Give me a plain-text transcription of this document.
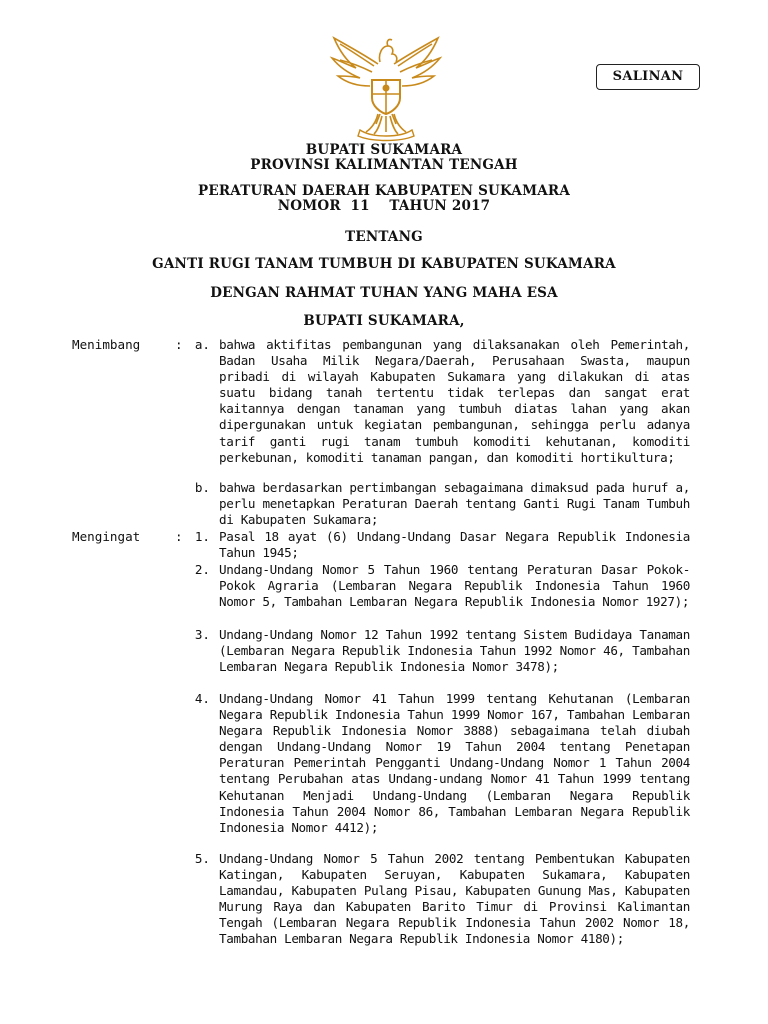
SALINAN
BUPATI SUKAMARA
PROVINSI KALIMANTAN TENGAH
PERATURAN DAERAH KABUPATEN SUKAMARA
NOMOR  11    TAHUN 2017
TENTANG
GANTI RUGI TANAM TUMBUH DI KABUPATEN SUKAMARA
DENGAN RAHMAT TUHAN YANG MAHA ESA
BUPATI SUKAMARA,
Menimbang	: a. bahwa aktifitas pembangunan yang dilaksanakan oleh Pemerintah, Badan Usaha Milik Negara/Daerah, Perusahaan Swasta, maupun pribadi di wilayah Kabupaten Sukamara yang dilakukan di atas suatu bidang tanah tertentu tidak terlepas dan sangat erat kaitannya dengan tanaman yang tumbuh diatas lahan yang akan dipergunakan untuk kegiatan pembangunan, sehingga perlu adanya tarif ganti rugi tanam tumbuh komoditi kehutanan, komoditi perkebunan, komoditi tanaman pangan, dan komoditi hortikultura;
b. bahwa berdasarkan pertimbangan sebagaimana dimaksud pada huruf a, perlu menetapkan Peraturan Daerah tentang Ganti Rugi Tanam Tumbuh di Kabupaten Sukamara;
Mengingat	: 1. Pasal 18 ayat (6) Undang-Undang Dasar Negara Republik Indonesia Tahun 1945;
2. Undang-Undang Nomor 5 Tahun 1960 tentang Peraturan Dasar Pokok-Pokok Agraria (Lembaran Negara Republik Indonesia Tahun 1960 Nomor 5, Tambahan Lembaran Negara Republik Indonesia Nomor 1927);
3. Undang-Undang Nomor 12 Tahun 1992 tentang Sistem Budidaya Tanaman (Lembaran Negara Republik Indonesia Tahun 1992 Nomor 46, Tambahan Lembaran Negara Republik Indonesia Nomor 3478);
4. Undang-Undang Nomor 41 Tahun 1999 tentang Kehutanan (Lembaran Negara Republik Indonesia Tahun 1999 Nomor 167, Tambahan Lembaran Negara Republik Indonesia Nomor 3888) sebagaimana telah diubah dengan Undang-Undang Nomor 19 Tahun 2004 tentang Penetapan Peraturan Pemerintah Pengganti Undang-Undang Nomor 1 Tahun 2004 tentang Perubahan atas Undang-undang Nomor 41 Tahun 1999 tentang Kehutanan Menjadi Undang-Undang (Lembaran Negara Republik Indonesia Tahun 2004 Nomor 86, Tambahan Lembaran Negara Republik Indonesia Nomor 4412);
5. Undang-Undang Nomor 5 Tahun 2002 tentang Pembentukan Kabupaten Katingan, Kabupaten Seruyan, Kabupaten Sukamara, Kabupaten Lamandau, Kabupaten Pulang Pisau, Kabupaten Gunung Mas, Kabupaten Murung Raya dan Kabupaten Barito Timur di Provinsi Kalimantan Tengah (Lembaran Negara Republik Indonesia Tahun 2002 Nomor 18, Tambahan Lembaran Negara Republik Indonesia Nomor 4180);
